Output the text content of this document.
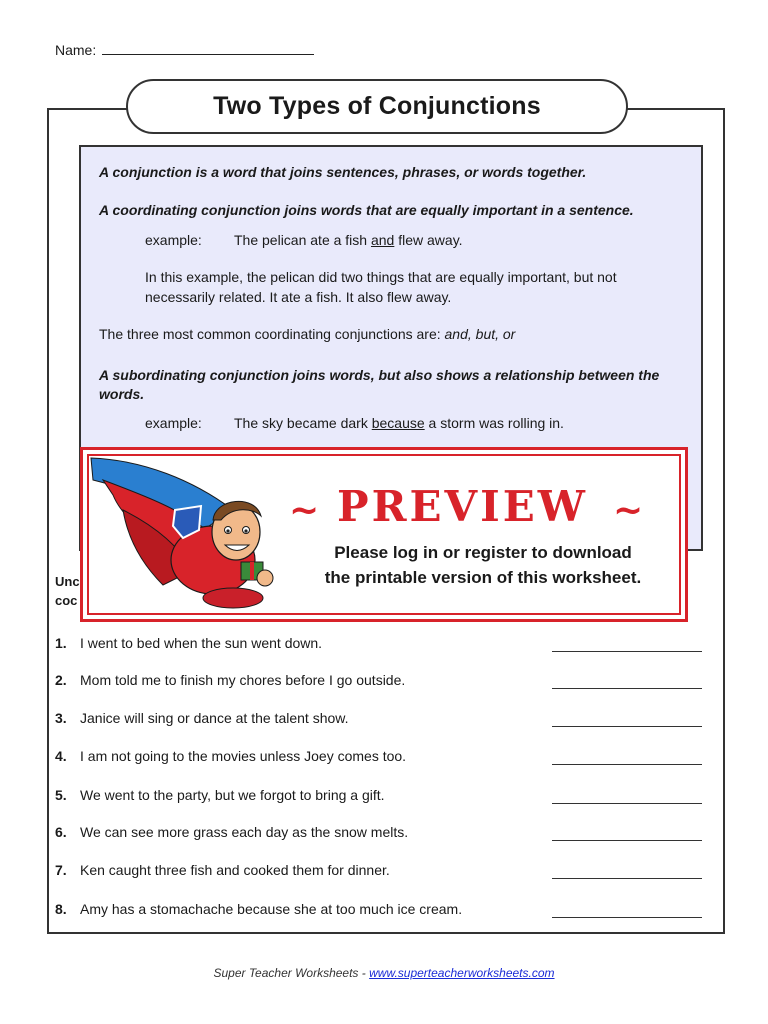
Name:
Two Types of Conjunctions
A conjunction is a word that joins sentences, phrases, or words together.
A coordinating conjunction joins words that are equally important in a sentence.
example: The pelican ate a fish and flew away.
In this example, the pelican did two things that are equally important, but not necessarily related. It ate a fish. It also flew away.
The three most common coordinating conjunctions are: and, but, or
A subordinating conjunction joins words, but also shows a relationship between the words.
example: The sky became dark because a storm was rolling in.
Unc
coc
~ PREVIEW ~
Please log in or register to download
the printable version of this worksheet.
1. I went to bed when the sun went down.
2. Mom told me to finish my chores before I go outside.
3. Janice will sing or dance at the talent show.
4. I am not going to the movies unless Joey comes too.
5. We went to the party, but we forgot to bring a gift.
6. We can see more grass each day as the snow melts.
7. Ken caught three fish and cooked them for dinner.
8. Amy has a stomachache because she at too much ice cream.
Super Teacher Worksheets - www.superteacherworksheets.com
